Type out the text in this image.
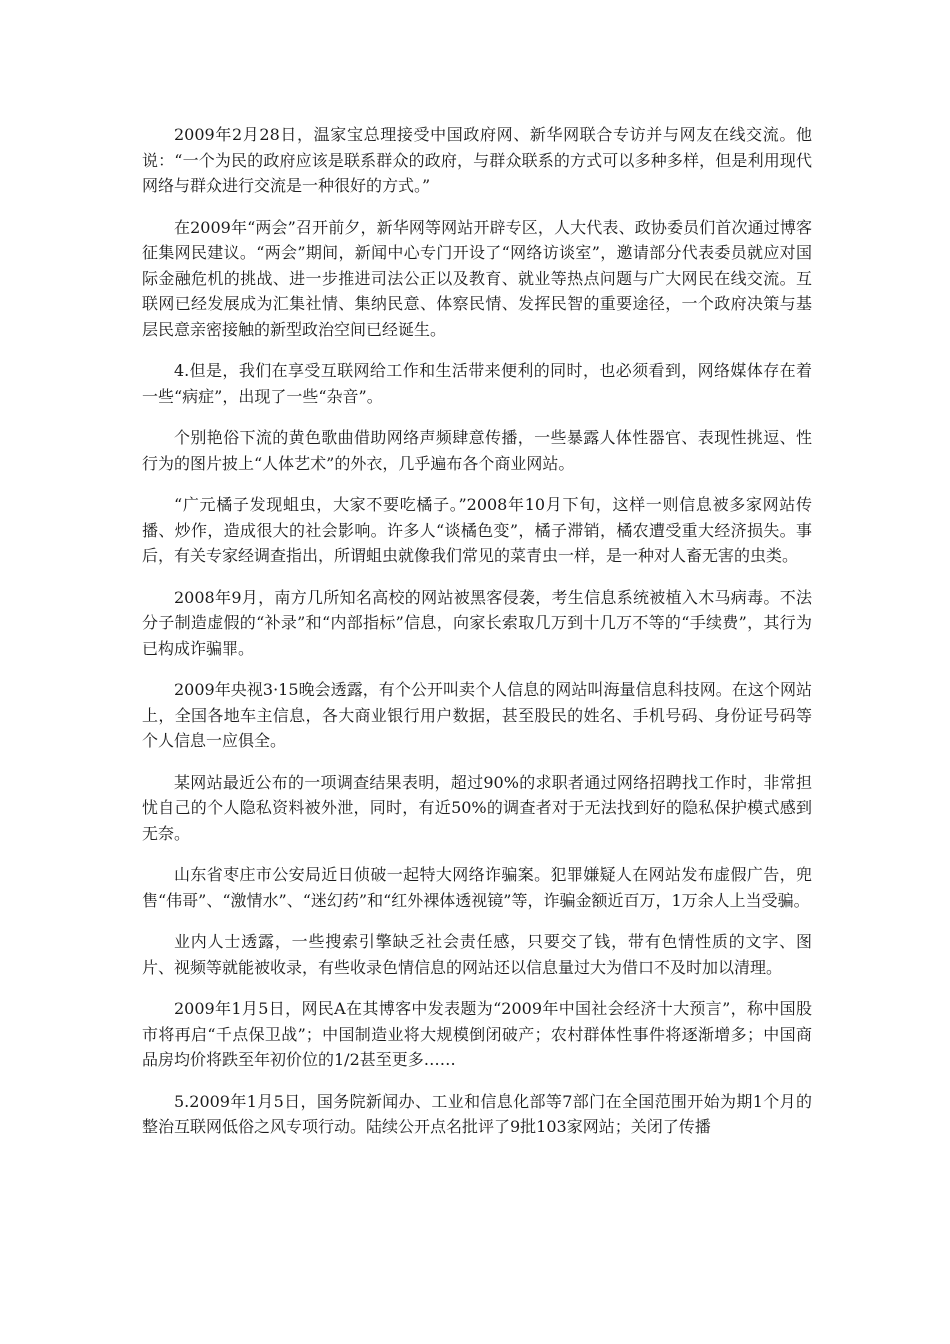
2009年2月28日，温家宝总理接受中国政府网、新华网联合专访并与网友在线交流。他说：“一个为民的政府应该是联系群众的政府，与群众联系的方式可以多种多样，但是利用现代网络与群众进行交流是一种很好的方式。”

在2009年“两会”召开前夕，新华网等网站开辟专区，人大代表、政协委员们首次通过博客征集网民建议。“两会”期间，新闻中心专门开设了“网络访谈室”，邀请部分代表委员就应对国际金融危机的挑战、进一步推进司法公正以及教育、就业等热点问题与广大网民在线交流。互联网已经发展成为汇集社情、集纳民意、体察民情、发挥民智的重要途径，一个政府决策与基层民意亲密接触的新型政治空间已经诞生。

4.但是，我们在享受互联网给工作和生活带来便利的同时，也必须看到，网络媒体存在着一些“病症”，出现了一些“杂音”。

个别艳俗下流的黄色歌曲借助网络声频肆意传播，一些暴露人体性器官、表现性挑逗、性行为的图片披上“人体艺术”的外衣，几乎遍布各个商业网站。

“广元橘子发现蛆虫，大家不要吃橘子。”2008年10月下旬，这样一则信息被多家网站传播、炒作，造成很大的社会影响。许多人“谈橘色变”，橘子滞销，橘农遭受重大经济损失。事后，有关专家经调查指出，所谓蛆虫就像我们常见的菜青虫一样，是一种对人畜无害的虫类。

2008年9月，南方几所知名高校的网站被黑客侵袭，考生信息系统被植入木马病毒。不法分子制造虚假的“补录”和“内部指标”信息，向家长索取几万到十几万不等的“手续费”，其行为已构成诈骗罪。

2009年央视3·15晚会透露，有个公开叫卖个人信息的网站叫海量信息科技网。在这个网站上，全国各地车主信息，各大商业银行用户数据，甚至股民的姓名、手机号码、身份证号码等个人信息一应俱全。

某网站最近公布的一项调查结果表明，超过90%的求职者通过网络招聘找工作时，非常担忧自己的个人隐私资料被外泄，同时，有近50%的调查者对于无法找到好的隐私保护模式感到无奈。

山东省枣庄市公安局近日侦破一起特大网络诈骗案。犯罪嫌疑人在网站发布虚假广告，兜售“伟哥”、“激情水”、“迷幻药”和“红外裸体透视镜”等，诈骗金额近百万，1万余人上当受骗。

业内人士透露，一些搜索引擎缺乏社会责任感，只要交了钱，带有色情性质的文字、图片、视频等就能被收录，有些收录色情信息的网站还以信息量过大为借口不及时加以清理。

2009年1月5日，网民A在其博客中发表题为“2009年中国社会经济十大预言”，称中国股市将再启“千点保卫战”；中国制造业将大规模倒闭破产；农村群体性事件将逐渐增多；中国商品房均价将跌至年初价位的1/2甚至更多……

5.2009年1月5日，国务院新闻办、工业和信息化部等7部门在全国范围开始为期1个月的整治互联网低俗之风专项行动。陆续公开点名批评了9批103家网站；关闭了传播
